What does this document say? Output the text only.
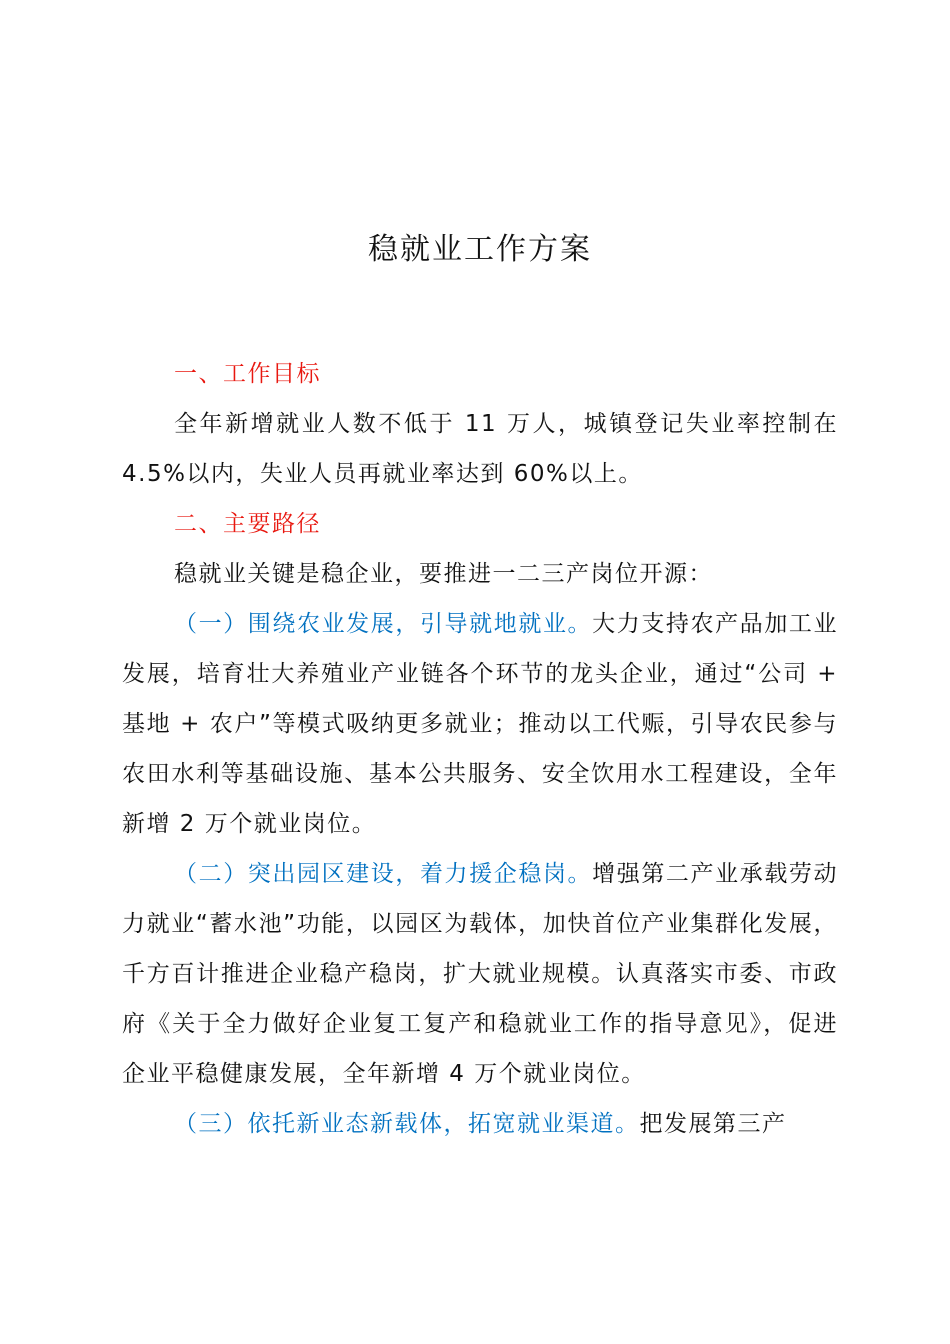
稳就业工作方案

一、工作目标

全年新增就业人数不低于 11 万人，城镇登记失业率控制在4.5%以内，失业人员再就业率达到 60%以上。

二、主要路径

稳就业关键是稳企业，要推进一二三产岗位开源：

（一）围绕农业发展，引导就地就业。大力支持农产品加工业发展，培育壮大养殖业产业链各个环节的龙头企业，通过“公司 + 基地 + 农户”等模式吸纳更多就业；推动以工代赈，引导农民参与农田水利等基础设施、基本公共服务、安全饮用水工程建设，全年新增 2 万个就业岗位。

（二）突出园区建设，着力援企稳岗。增强第二产业承载劳动力就业“蓄水池”功能，以园区为载体，加快首位产业集群化发展，千方百计推进企业稳产稳岗，扩大就业规模。认真落实市委、市政府《关于全力做好企业复工复产和稳就业工作的指导意见》，促进企业平稳健康发展，全年新增 4 万个就业岗位。

（三）依托新业态新载体，拓宽就业渠道。把发展第三产
